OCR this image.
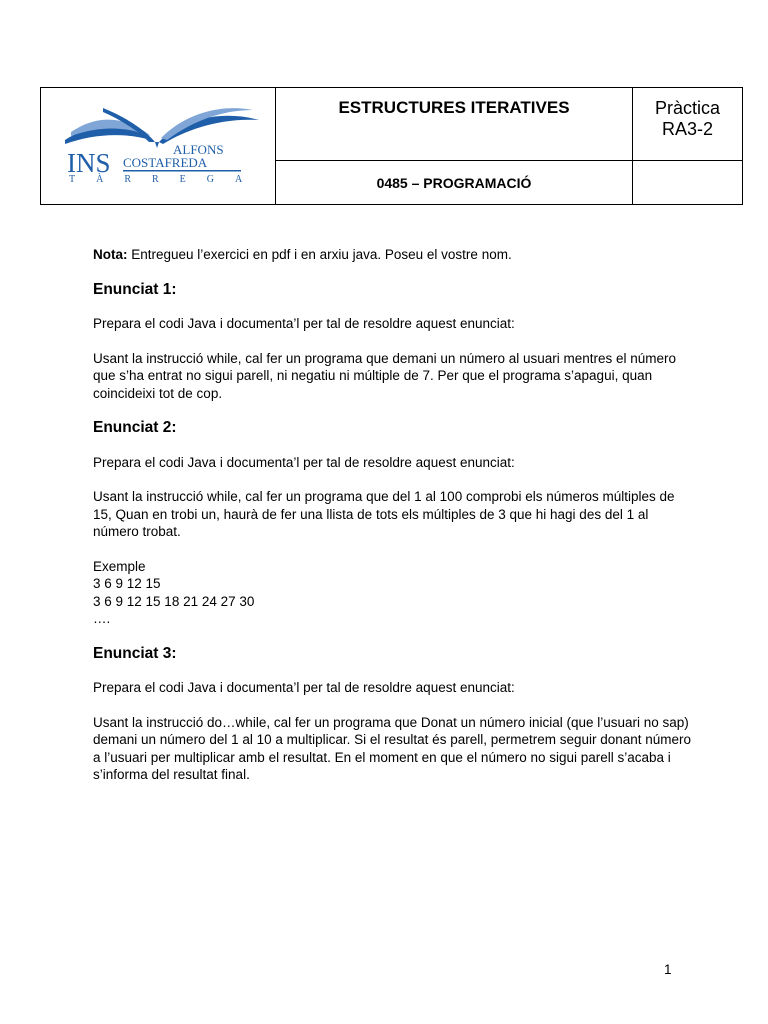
INS ALFONS
COSTAFREDA
TÀRREGA	ESTRUCTURES ITERATIVES	Pràctica
RA3-2
	0485 – PROGRAMACIÓ	

Nota: Entregueu l’exercici en pdf i en arxiu java. Poseu el vostre nom.

Enunciat 1:

Prepara el codi Java i documenta’l per tal de resoldre aquest enunciat:

Usant la instrucció while, cal fer un programa que demani un número al usuari mentres el número que s’ha entrat no sigui parell, ni negatiu ni múltiple de 7. Per que el programa s’apagui, quan coincideixi tot de cop.

Enunciat 2:

Prepara el codi Java i documenta’l per tal de resoldre aquest enunciat:

Usant la instrucció while, cal fer un programa que del 1 al 100 comprobi els números múltiples de 15, Quan en trobi un, haurà de fer una llista de tots els múltiples de 3 que hi hagi des del 1 al número trobat.

Exemple

3 6 9 12 15

3 6 9 12 15 18 21 24 27 30

….

Enunciat 3:

Prepara el codi Java i documenta’l per tal de resoldre aquest enunciat:

Usant la instrucció do…while, cal fer un programa que Donat un número inicial (que l’usuari no sap) demani un número del 1 al 10 a multiplicar. Si el resultat és parell, permetrem seguir donant número a l’usuari per multiplicar amb el resultat. En el moment en que el número no sigui parell s’acaba i s’informa del resultat final.

1
